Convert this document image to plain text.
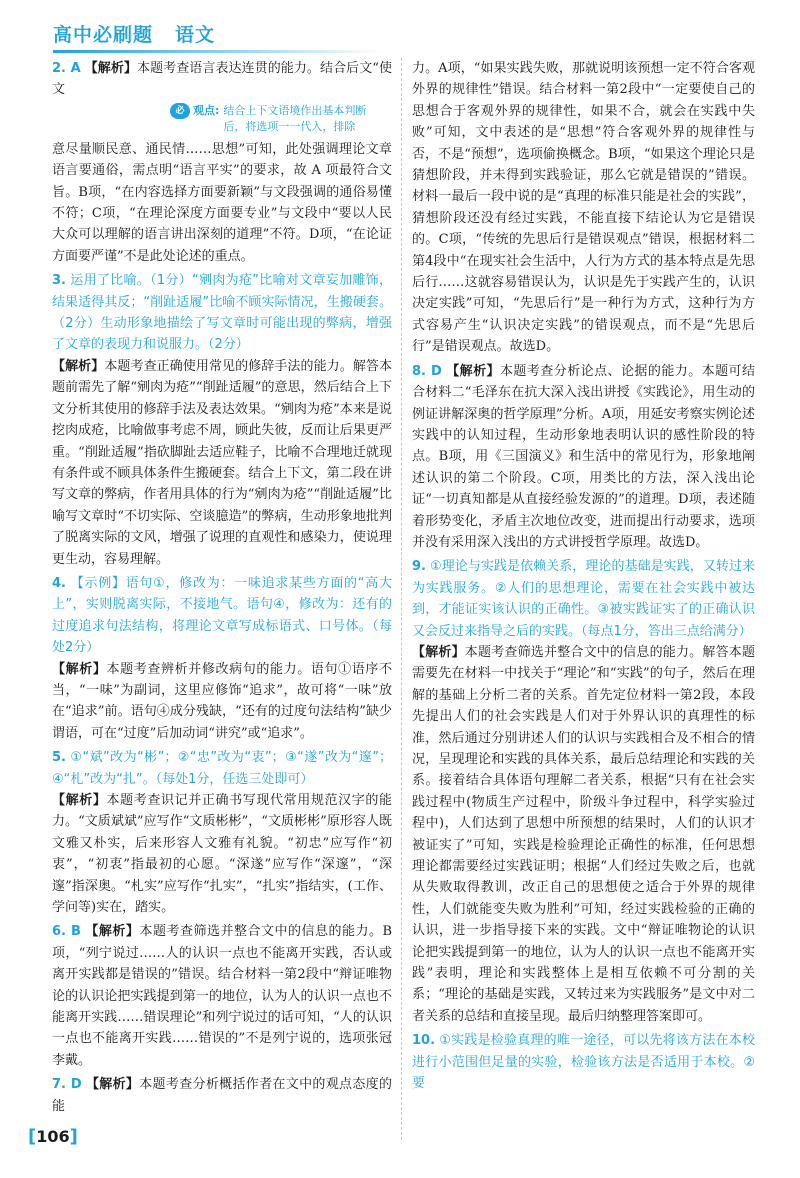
高中必刷题 语文

2. A 【解析】本题考查语言表达连贯的能力。结合后文“使文

必 观点: 结合上下文语境作出基本判断后，将选项一一代入，排除

意尽量顺民意、通民情……思想”可知，此处强调理论文章语言要通俗，需点明“语言平实”的要求，故 A 项最符合文旨。B项，“在内容选择方面要新颖”与文段强调的通俗易懂不符；C项，“在理论深度方面要专业”与文段中“要以人民大众可以理解的语言讲出深刻的道理”不符。D项，“在论证方面要严谨”不是此处论述的重点。

3. 运用了比喻。（1分）“剜肉为疮”比喻对文章妄加雕饰，结果适得其反；“削趾适履”比喻不顾实际情况，生搬硬套。（2分）生动形象地描绘了写文章时可能出现的弊病，增强了文章的表现力和说服力。（2分）

【解析】本题考查正确使用常见的修辞手法的能力。解答本题前需先了解“剜肉为疮”“削趾适履”的意思，然后结合上下文分析其使用的修辞手法及表达效果。“剜肉为疮”本来是说挖肉成疮，比喻做事考虑不周，顾此失彼，反而让后果更严重。“削趾适履”指砍脚趾去适应鞋子，比喻不合理地迁就现有条件或不顾具体条件生搬硬套。结合上下文，第二段在讲写文章的弊病，作者用具体的行为“剜肉为疮”“削趾适履”比喻写文章时“不切实际、空谈臆造”的弊病，生动形象地批判了脱离实际的文风，增强了说理的直观性和感染力，使说理更生动，容易理解。

4. 【示例】语句①，修改为：一味追求某些方面的“高大上”，实则脱离实际，不接地气。语句④，修改为：还有的过度追求句法结构，将理论文章写成标语式、口号体。（每处2分）

【解析】本题考查辨析并修改病句的能力。语句①语序不当，“一味”为副词，这里应修饰“追求”，故可将“一味”放在“追求”前。语句④成分残缺，“还有的过度句法结构”缺少谓语，可在“过度”后加动词“讲究”或“追求”。

5. ①“斌”改为“彬”；②“忠”改为“衷”；③“遂”改为“邃”；④“札”改为“扎”。（每处1分，任选三处即可）

【解析】本题考查识记并正确书写现代常用规范汉字的能力。“文质斌斌”应写作“文质彬彬”，“文质彬彬”原形容人既文雅又朴实，后来形容人文雅有礼貌。“初忠”应写作“初衷”，“初衷”指最初的心愿。“深遂”应写作“深邃”，“深邃”指深奥。“札实”应写作“扎实”，“扎实”指结实，(工作、学问等)实在，踏实。

6. B 【解析】本题考查筛选并整合文中的信息的能力。B项，“列宁说过……人的认识一点也不能离开实践，否认或离开实践都是错误的”错误。结合材料一第2段中“辩证唯物论的认识论把实践提到第一的地位，认为人的认识一点也不能离开实践……错误理论”和列宁说过的话可知，“人的认识一点也不能离开实践……错误的”不是列宁说的，选项张冠李戴。

7. D 【解析】本题考查分析概括作者在文中的观点态度的能

力。A项，“如果实践失败，那就说明该预想一定不符合客观外界的规律性”错误。结合材料一第2段中“一定要使自己的思想合于客观外界的规律性，如果不合，就会在实践中失败”可知，文中表述的是“思想”符合客观外界的规律性与否，不是“预想”，选项偷换概念。B项，“如果这个理论只是猜想阶段，并未得到实践验证，那么它就是错误的”错误。材料一最后一段中说的是“真理的标准只能是社会的实践”，猜想阶段还没有经过实践，不能直接下结论认为它是错误的。C项，“传统的先思后行是错误观点”错误，根据材料二第4段中“在现实社会生活中，人行为方式的基本特点是先思后行……这就容易错误认为，认识是先于实践产生的，认识决定实践”可知，“先思后行”是一种行为方式，这种行为方式容易产生“认识决定实践”的错误观点，而不是“先思后行”是错误观点。故选D。

8. D 【解析】本题考查分析论点、论据的能力。本题可结合材料二“毛泽东在抗大深入浅出讲授《实践论》，用生动的例证讲解深奥的哲学原理”分析。A项，用延安考察实例论述实践中的认知过程，生动形象地表明认识的感性阶段的特点。B项，用《三国演义》和生活中的常见行为，形象地阐述认识的第二个阶段。C项，用类比的方法，深入浅出论证“一切真知都是从直接经验发源的”的道理。D项，表述随着形势变化，矛盾主次地位改变，进而提出行动要求，选项并没有采用深入浅出的方式讲授哲学原理。故选D。

9. ①理论与实践是依赖关系，理论的基础是实践，又转过来为实践服务。②人们的思想理论，需要在社会实践中被达到，才能证实该认识的正确性。③被实践证实了的正确认识又会反过来指导之后的实践。（每点1分，答出三点给满分）

【解析】本题考查筛选并整合文中的信息的能力。解答本题需要先在材料一中找关于“理论”和“实践”的句子，然后在理解的基础上分析二者的关系。首先定位材料一第2段，本段先提出人们的社会实践是人们对于外界认识的真理性的标准，然后通过分别讲述人们的认识与实践相合及不相合的情况，呈现理论和实践的具体关系，最后总结理论和实践的关系。接着结合具体语句理解二者关系，根据“只有在社会实践过程中(物质生产过程中，阶级斗争过程中，科学实验过程中)，人们达到了思想中所预想的结果时，人们的认识才被证实了”可知，实践是检验理论正确性的标准，任何思想理论都需要经过实践证明；根据“人们经过失败之后，也就从失败取得教训，改正自己的思想使之适合于外界的规律性，人们就能变失败为胜利”可知，经过实践检验的正确的认识，进一步指导接下来的实践。文中“辩证唯物论的认识论把实践提到第一的地位，认为人的认识一点也不能离开实践”表明，理论和实践整体上是相互依赖不可分割的关系；“理论的基础是实践，又转过来为实践服务”是文中对二者关系的总结和直接呈现。最后归纳整理答案即可。

10. ①实践是检验真理的唯一途径，可以先将该方法在本校进行小范围但足量的实验，检验该方法是否适用于本校。②要

[106]
